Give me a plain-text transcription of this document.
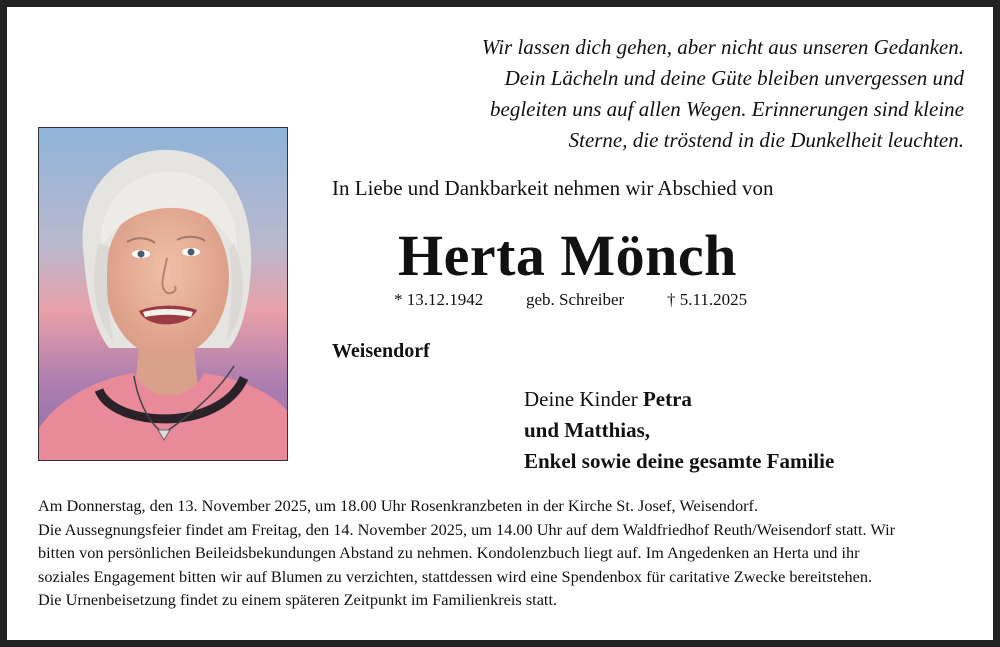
Wir lassen dich gehen, aber nicht aus unseren Gedanken.
Dein Lächeln und deine Güte bleiben unvergessen und
begleiten uns auf allen Wegen. Erinnerungen sind kleine
Sterne, die tröstend in die Dunkelheit leuchten.
In Liebe und Dankbarkeit nehmen wir Abschied von
Herta Mönch
* 13.12.1942	geb. Schreiber	† 5.11.2025
Weisendorf
Deine Kinder Petra
und Matthias,
Enkel sowie deine gesamte Familie
Am Donnerstag, den 13. November 2025, um 18.00 Uhr Rosenkranzbeten in der Kirche St. Josef, Weisendorf.
Die Aussegnungsfeier findet am Freitag, den 14. November 2025, um 14.00 Uhr auf dem Waldfriedhof Reuth/Weisendorf statt. Wir
bitten von persönlichen Beileidsbekundungen Abstand zu nehmen. Kondolenzbuch liegt auf. Im Angedenken an Herta und ihr
soziales Engagement bitten wir auf Blumen zu verzichten, stattdessen wird eine Spendenbox für caritative Zwecke bereitstehen.
Die Urnenbeisetzung findet zu einem späteren Zeitpunkt im Familienkreis statt.
